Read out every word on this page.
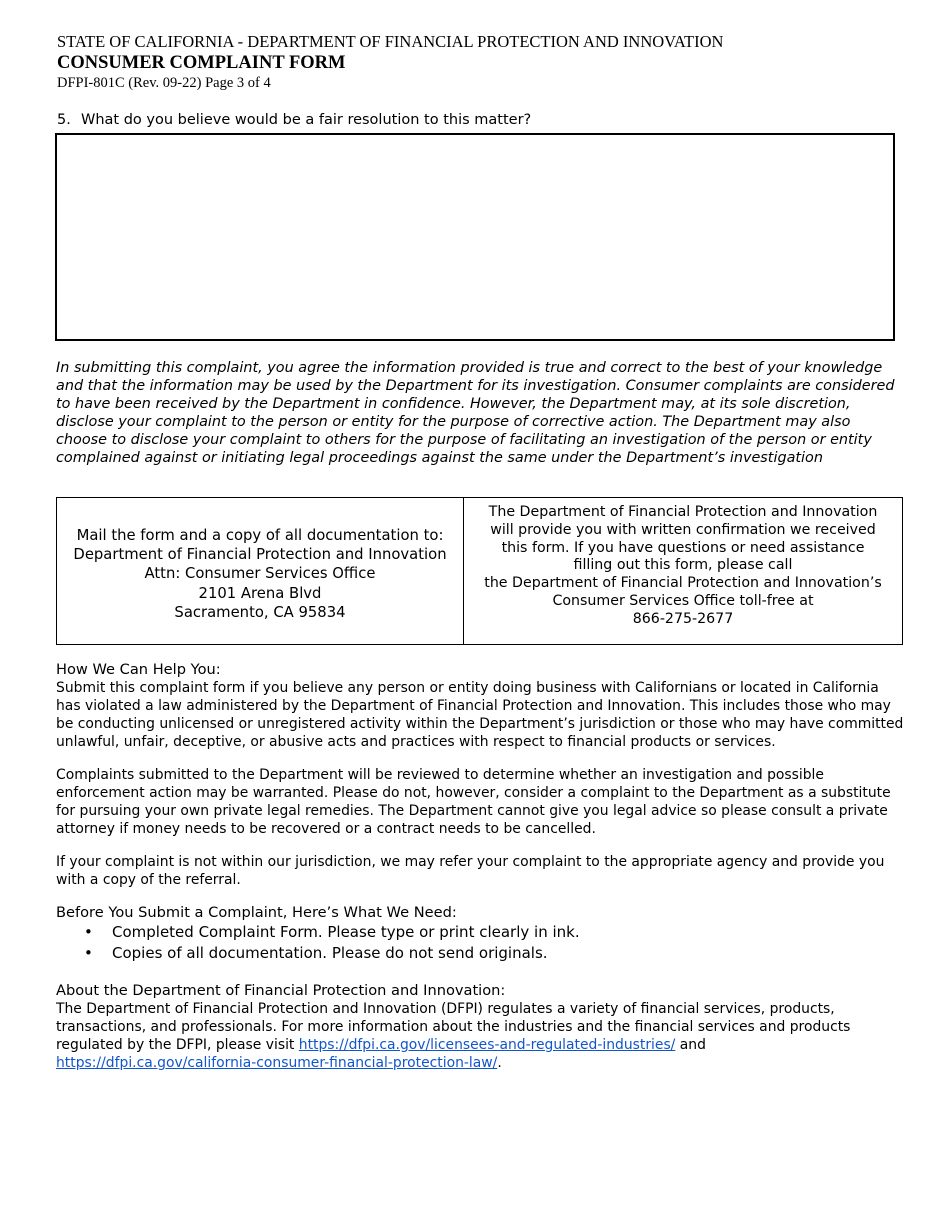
STATE OF CALIFORNIA - DEPARTMENT OF FINANCIAL PROTECTION AND INNOVATION
CONSUMER COMPLAINT FORM
DFPI-801C (Rev. 09-22) Page 3 of 4
5. What do you believe would be a fair resolution to this matter?
In submitting this complaint, you agree the information provided is true and correct to the best of your knowledge and that the information may be used by the Department for its investigation. Consumer complaints are considered to have been received by the Department in confidence. However, the Department may, at its sole discretion, disclose your complaint to the person or entity for the purpose of corrective action. The Department may also choose to disclose your complaint to others for the purpose of facilitating an investigation of the person or entity complained against or initiating legal proceedings against the same under the Department’s investigation
Mail the form and a copy of all documentation to:
Department of Financial Protection and Innovation
Attn: Consumer Services Office
2101 Arena Blvd
Sacramento, CA 95834
The Department of Financial Protection and Innovation
will provide you with written confirmation we received
this form. If you have questions or need assistance
filling out this form, please call
the Department of Financial Protection and Innovation’s
Consumer Services Office toll-free at
866-275-2677
How We Can Help You:

Submit this complaint form if you believe any person or entity doing business with Californians or located in California has violated a law administered by the Department of Financial Protection and Innovation. This includes those who may be conducting unlicensed or unregistered activity within the Department’s jurisdiction or those who may have committed unlawful, unfair, deceptive, or abusive acts and practices with respect to financial products or services.

Complaints submitted to the Department will be reviewed to determine whether an investigation and possible enforcement action may be warranted. Please do not, however, consider a complaint to the Department as a substitute for pursuing your own private legal remedies. The Department cannot give you legal advice so please consult a private attorney if money needs to be recovered or a contract needs to be cancelled.

If your complaint is not within our jurisdiction, we may refer your complaint to the appropriate agency and provide you with a copy of the referral.

Before You Submit a Complaint, Here’s What We Need:
• Completed Complaint Form. Please type or print clearly in ink.
• Copies of all documentation. Please do not send originals.
About the Department of Financial Protection and Innovation:

The Department of Financial Protection and Innovation (DFPI) regulates a variety of financial services, products, transactions, and professionals. For more information about the industries and the financial services and products regulated by the DFPI, please visit https://dfpi.ca.gov/licensees-and-regulated-industries/ and https://dfpi.ca.gov/california-consumer-financial-protection-law/.
